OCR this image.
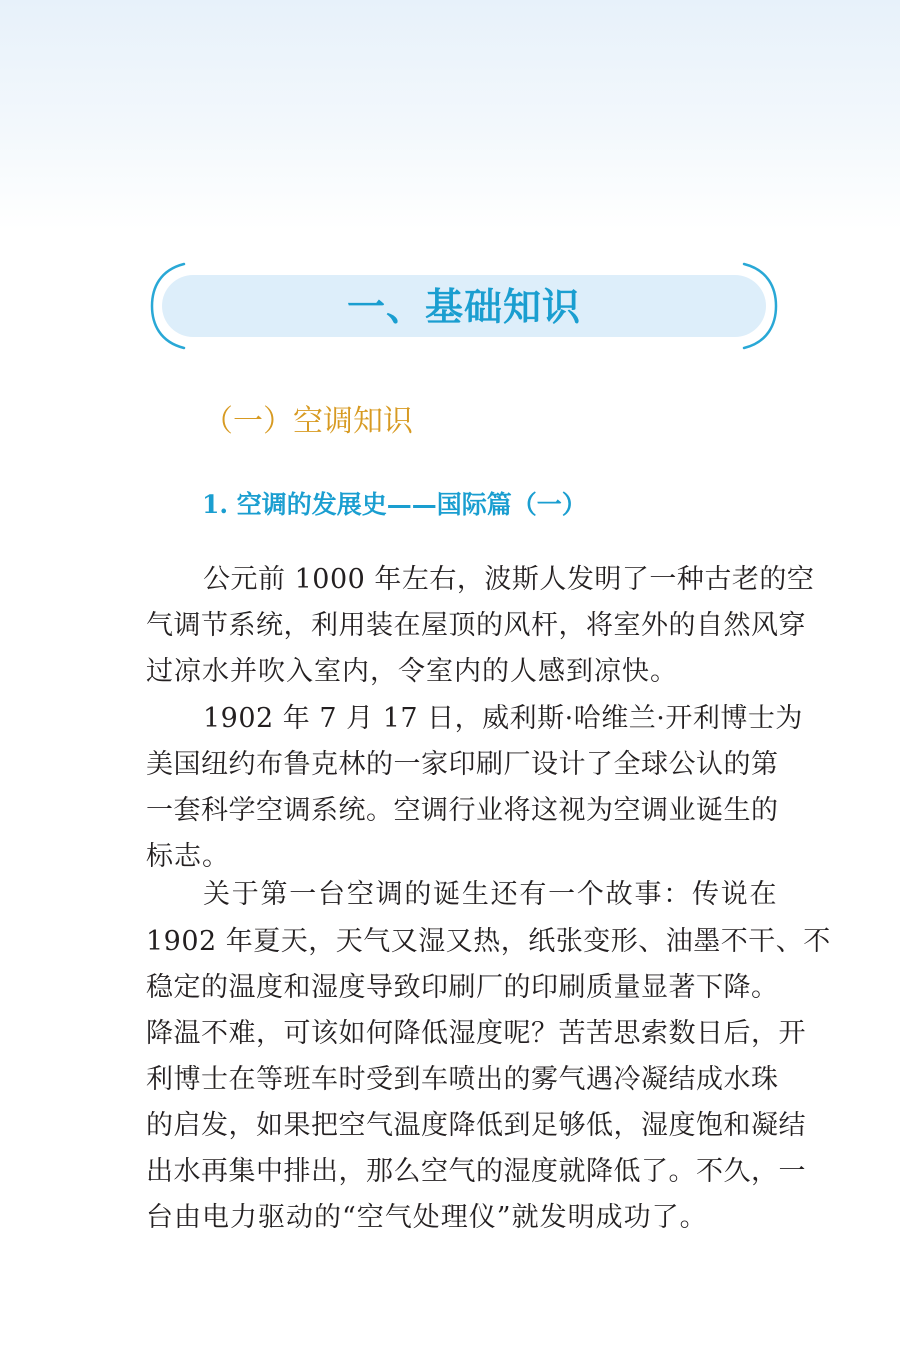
一、基础知识
（一）空调知识
1. 空调的发展史——国际篇（一）
公元前 1000 年左右，波斯人发明了一种古老的空
气调节系统，利用装在屋顶的风杆，将室外的自然风穿
过凉水并吹入室内，令室内的人感到凉快。
1902 年 7 月 17 日，威利斯·哈维兰·开利博士为
美国纽约布鲁克林的一家印刷厂设计了全球公认的第
一套科学空调系统。空调行业将这视为空调业诞生的
标志。
关于第一台空调的诞生还有一个故事：传说在
1902 年夏天，天气又湿又热，纸张变形、油墨不干、不
稳定的温度和湿度导致印刷厂的印刷质量显著下降。
降温不难，可该如何降低湿度呢？苦苦思索数日后，开
利博士在等班车时受到车喷出的雾气遇冷凝结成水珠
的启发，如果把空气温度降低到足够低，湿度饱和凝结
出水再集中排出，那么空气的湿度就降低了。不久，一
台由电力驱动的“空气处理仪”就发明成功了。
